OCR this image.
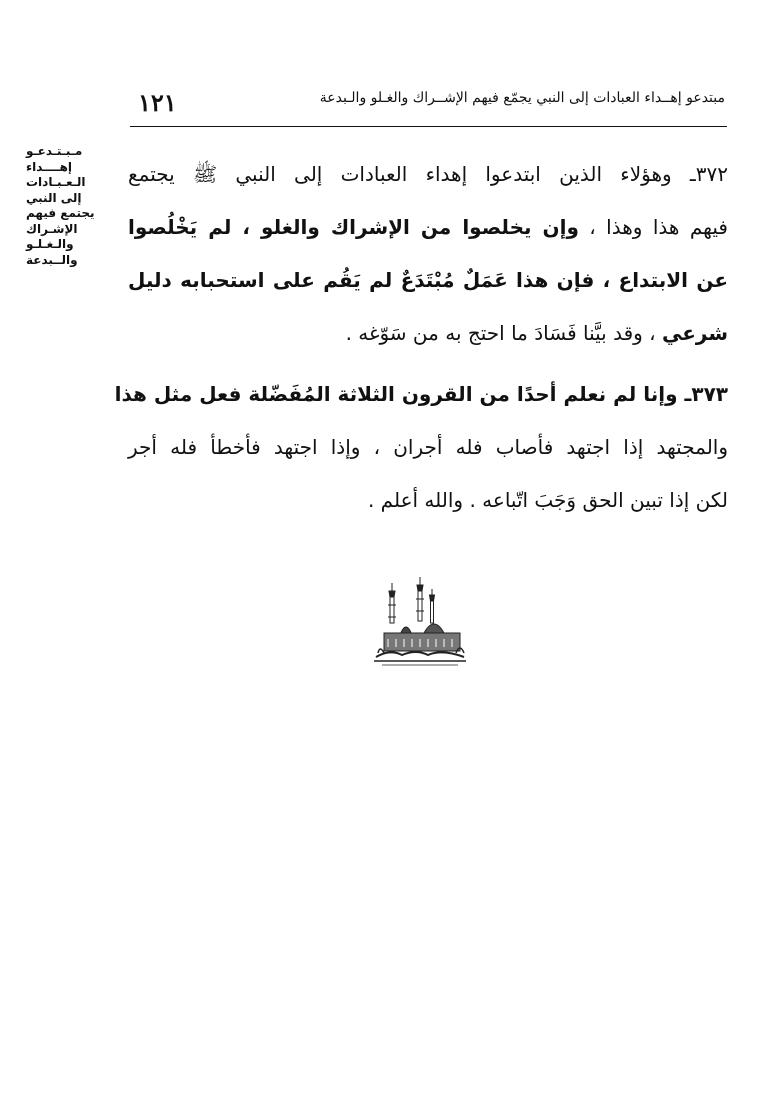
مبتدعو إهــداء العبادات إلى النبي يجمّع فيهم الإشــراك والغـلو والـبدعة
١٢١
مـبـتـدعـو
إهــــداء
الـعـبـادات
إلى النبي
يجتمع فيهم
الإشـراك
والـغـلـو
والــبدعة
٣٧٢ـ وهؤلاء الذين ابتدعوا إهداء العبادات إلى النبي ﷺ يجتمع
فيهم هذا وهذا ، وإن يخلصوا من الإشراك والغلو ، لم يَخْلُصوا
عن الابتداع ، فإن هذا عَمَلٌ مُبْتَدَعٌ لم يَقُم على استحبابه دليل
شرعي ، وقد بيَّنا فَسَادَ ما احتج به من سَوّغه .
٣٧٣ـ وإنا لم نعلم أحدًا من القرون الثلاثة المُفَضّلة فعل مثل هذا
والمجتهد إذا اجتهد فأصاب فله أجران ، وإذا اجتهد فأخطأ فله أجر
لكن إذا تبين الحق وَجَبَ اتّباعه . والله أعلم .
